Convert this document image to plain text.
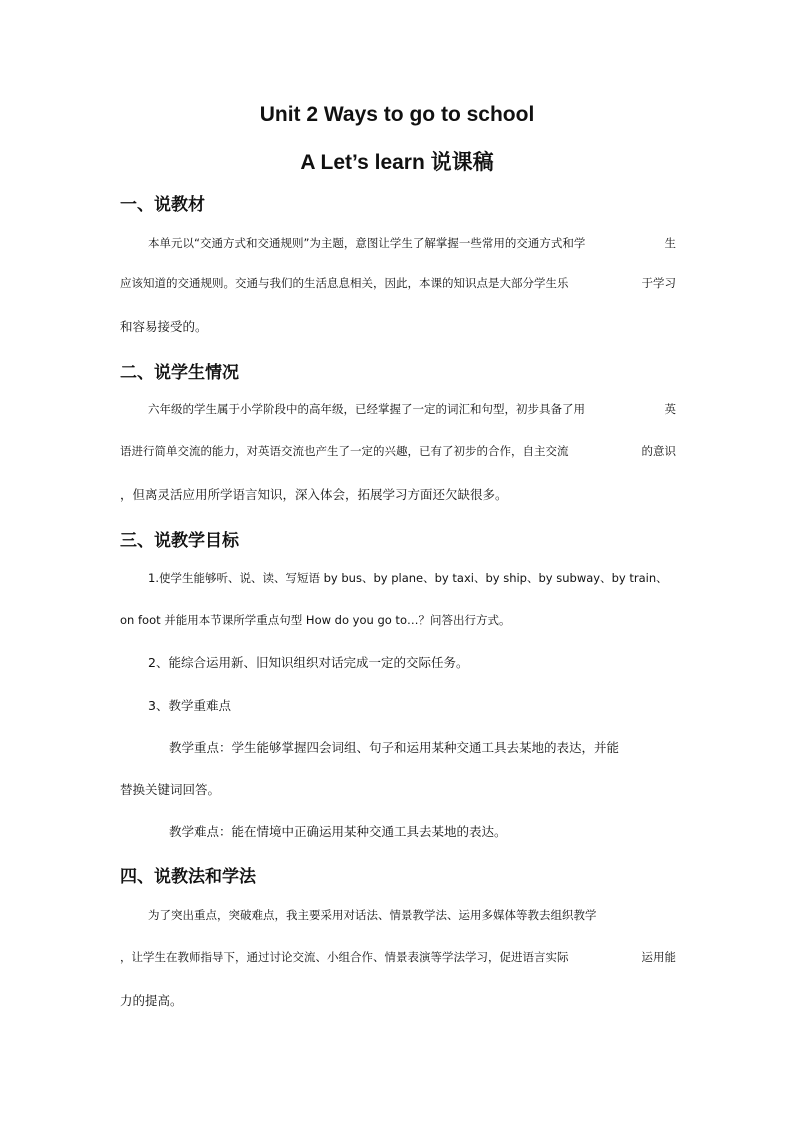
Unit 2 Ways to go to school
A Let’s learn 说课稿
一、说教材
本单元以“交通方式和交通规则”为主题，意图让学生了解掌握一些常用的交通方式和学	生
应该知道的交通规则。交通与我们的生活息息相关，因此，本课的知识点是大部分学生乐	于学习
和容易接受的。
二、说学生情况
六年级的学生属于小学阶段中的高年级，已经掌握了一定的词汇和句型，初步具备了用	英
语进行简单交流的能力，对英语交流也产生了一定的兴趣，已有了初步的合作，自主交流	的意识
，但离灵活应用所学语言知识，深入体会，拓展学习方面还欠缺很多。
三、说教学目标
1.使学生能够听、说、读、写短语 by bus、by plane、by taxi、by ship、by subway、by train、
on foot 并能用本节课所学重点句型 How do you go to…？问答出行方式。
2、能综合运用新、旧知识组织对话完成一定的交际任务。
3、教学重难点
教学重点：学生能够掌握四会词组、句子和运用某种交通工具去某地的表达，并能
替换关键词回答。
教学难点：能在情境中正确运用某种交通工具去某地的表达。
四、说教法和学法
为了突出重点，突破难点，我主要采用对话法、情景教学法、运用多媒体等教去组织教学
，让学生在教师指导下，通过讨论交流、小组合作、情景表演等学法学习，促进语言实际	运用能
力的提高。
